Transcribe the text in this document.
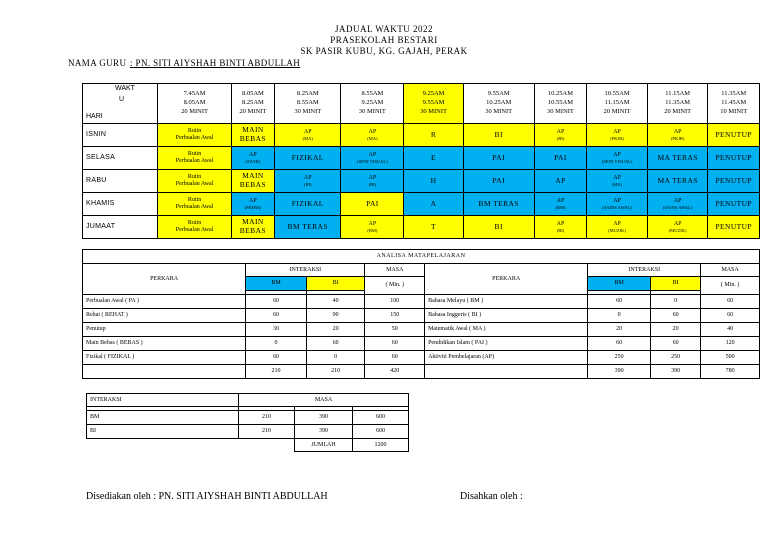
JADUAL WAKTU 2022
PRASEKOLAH BESTARI
SK PASIR KUBU, KG. GAJAH, PERAK
NAMA GURU : PN. SITI AIYSHAH BINTI ABDULLAH
WAKT
U
HARI	7.45AM
8.05AM
20 MINIT	8.05AM
8.25AM
20 MINIT	8.25AM
8.55AM
30 MINIT	8.55AM
9.25AM
30 MINIT	9.25AM
9.55AM
30 MINIT	9.55AM
10.25AM
30 MINIT	10.25AM
10.55AM
30 MINIT	10.55AM
11.15AM
20 MINIT	11.15AM
11.35AM
20 MINIT	11.35AM
11.45AM
10 MINIT

ISNIN	Rutin
Perbualan Awal	MAIN
BEBAS	AP
(MA)	AP
(MA)	R	BI	AP
(BI)	AP
(PKJR)	AP
(PKJR)	PENUTUP

SELASA	Rutin
Perbualan Awal	AP
(SIVIK)	FIZIKAL	AP
(SENI VISUAL)	E	PAI	PAI	AP
(SENI VISUAL)	MA TERAS	PENUTUP

RABU	Rutin
Perbualan Awal	MAIN
BEBAS	AP
(BI)	AP
(BI)	H	PAI	AP	AP
(MA)	MA TERAS	PENUTUP

KHAMIS	Rutin
Perbualan Awal	AP
(PEERS)	FIZIKAL	PAI	A	BM TERAS	AP
(BM)	AP
(SAINS AWAL)	AP
(SAINS AWAL)	PENUTUP

JUMAAT	Rutin
Perbualan Awal	MAIN
BEBAS	BM TERAS	AP
(BM)	T	BI	AP
(BI)	AP
(MUZIK)	AP
(MUZIK)	PENUTUP
ANALISA MATAPELAJARAN							
PERKARA	INTERAKSI		MASA	PERKARA	INTERAKSI		MASA
	BM	BI	( Min. )		BM	BI	( Min. )

Perbualan Awal ( PA )	60	40	100	Bahasa Melayu ( BM )	60	0	60
Rehat ( REHAT )	60	90	150	Bahasa Inggeris ( BI )	0	60	60
Penutup	30	20	50	Matematik Awal ( MA )	20	20	40
Main Bebas ( BEBAS )	0	60	60	Pendidikan Islam ( PAI )	60	60	120
Fizikal ( FIZIKAL )	60	0	60	Aktiviti Pembelajaran (AP)	250	250	500
	210	210	420		390	390	780
INTERAKSI	MASA		

BM	210	390	600
BI	210	390	600
		JUMLAH	1200
Disediakan oleh : PN. SITI AIYSHAH BINTI ABDULLAH	Disahkan oleh :
